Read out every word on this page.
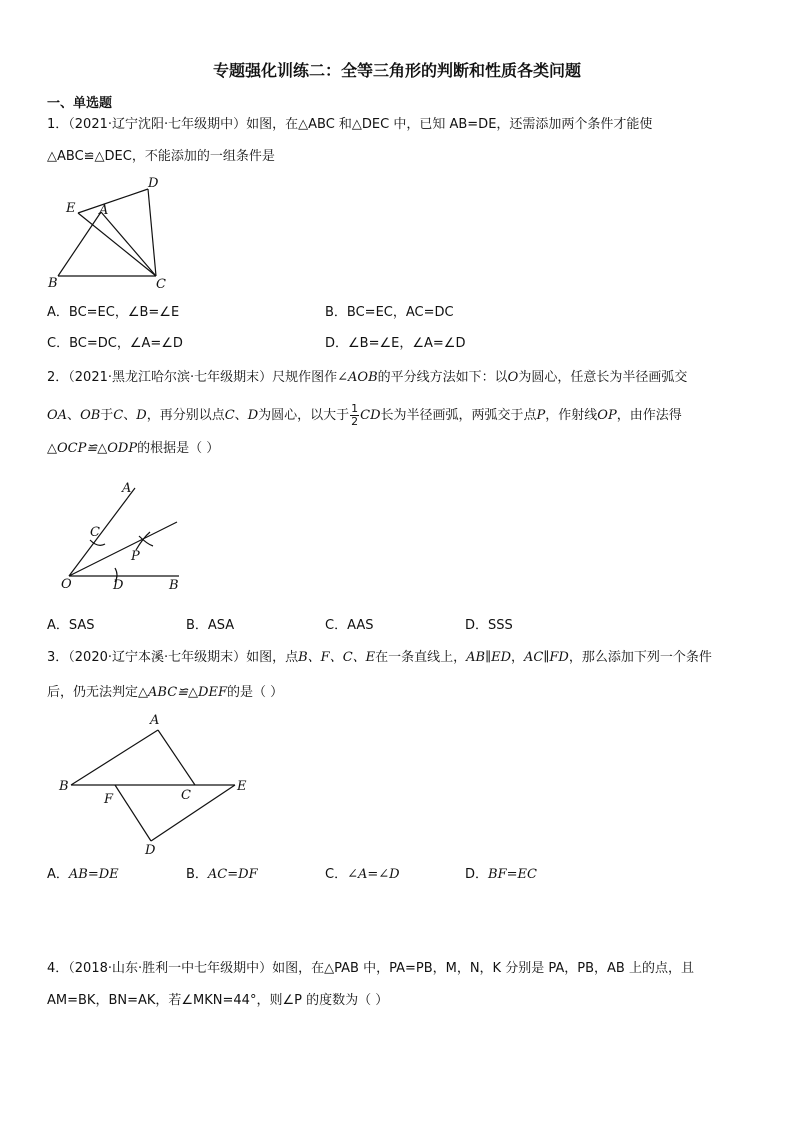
专题强化训练二：全等三角形的判断和性质各类问题
一、单选题
1．（2021·辽宁沈阳·七年级期中）如图，在△ABC 和△DEC 中，已知 AB=DE，还需添加两个条件才能使
△ABC≌△DEC，不能添加的一组条件是
D
E A
B	C
A．BC=EC，∠B=∠E	B．BC=EC，AC=DC
C．BC=DC，∠A=∠D	D．∠B=∠E，∠A=∠D
2．（2021·黑龙江哈尔滨·七年级期末）尺规作图作∠AOB的平分线方法如下：以O为圆心，任意长为半径画弧交
OA、OB于C、D，再分别以点C、D为圆心，以大于 $\frac{1}{2}$ CD长为半径画弧，两弧交于点P，作射线OP，由作法得
△OCP≌△ODP的根据是（ ）
A
C
P
O	D	B
A．SAS	B．ASA	C．AAS	D．SSS
3．（2020·辽宁本溪·七年级期末）如图，点B、F、C、E在一条直线上，AB∥ED，AC∥FD，那么添加下列一个条件
后，仍无法判定△ABC≌△DEF的是（ ）
A
B
F	C
E
D
A．AB=DE	B．AC=DF	C．∠A=∠D	D．BF=EC
4．（2018·山东·胜利一中七年级期中）如图，在△PAB 中，PA=PB，M，N，K 分别是 PA，PB，AB 上的点，且
AM=BK，BN=AK，若∠MKN=44°，则∠P 的度数为（ ）
